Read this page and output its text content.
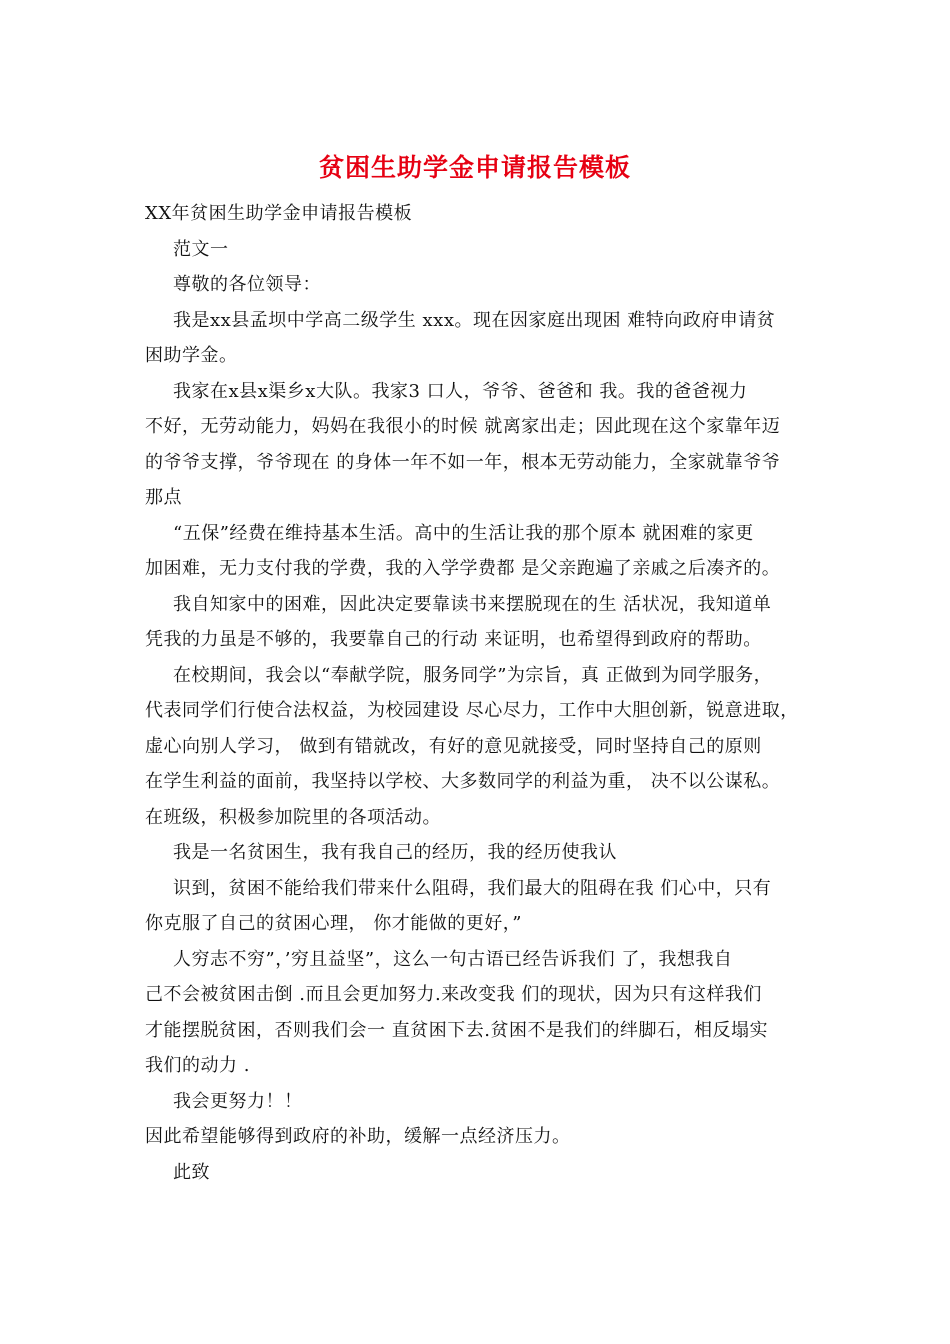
贫困生助学金申请报告模板
XX年贫困生助学金申请报告模板
范文一
尊敬的各位领导：
我是xx县孟坝中学高二级学生 xxx。现在因家庭出现困 难特向政府申请贫
困助学金。
我家在x县x渠乡x大队。我家3 口人，爷爷、爸爸和 我。我的爸爸视力
不好，无劳动能力，妈妈在我很小的时候 就离家出走；因此现在这个家靠年迈
的爷爷支撑，爷爷现在 的身体一年不如一年，根本无劳动能力，全家就靠爷爷
那点
“五保”经费在维持基本生活。高中的生活让我的那个原本 就困难的家更
加困难，无力支付我的学费，我的入学学费都 是父亲跑遍了亲戚之后凑齐的。
我自知家中的困难，因此决定要靠读书来摆脱现在的生 活状况，我知道单
凭我的力虽是不够的，我要靠自己的行动 来证明，也希望得到政府的帮助。
在校期间，我会以“奉献学院，服务同学”为宗旨，真 正做到为同学服务，
代表同学们行使合法权益，为校园建设 尽心尽力，工作中大胆创新，锐意进取，
虚心向别人学习， 做到有错就改，有好的意见就接受，同时坚持自己的原则
在学生利益的面前，我坚持以学校、大多数同学的利益为重， 决不以公谋私。
在班级，积极参加院里的各项活动。
我是一名贫困生，我有我自己的经历，我的经历使我认
识到，贫困不能给我们带来什么阻碍，我们最大的阻碍在我 们心中，只有
你克服了自己的贫困心理， 你才能做的更好，”
人穷志不穷”，’穷且益坚”，这么一句古语已经告诉我们 了，我想我自
己不会被贫困击倒 .而且会更加努力.来改变我 们的现状，因为只有这样我们
才能摆脱贫困，否则我们会一 直贫困下去.贫困不是我们的绊脚石，相反塌实
我们的动力 .
我会更努力！！
因此希望能够得到政府的补助，缓解一点经济压力。
此致
